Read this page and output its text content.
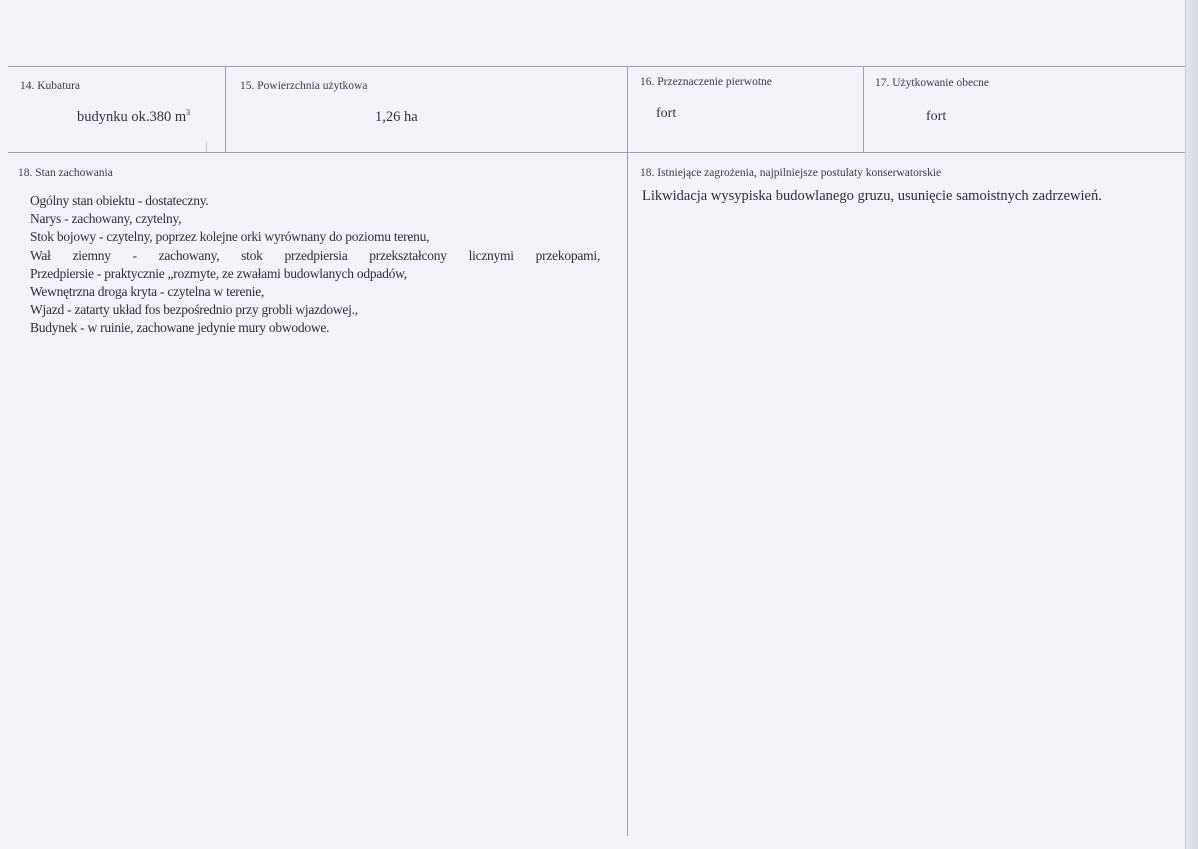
14. Kubatura
budynku ok.380 $m^3$
15. Powierzchnia użytkowa
1,26 ha
16. Przeznaczenie pierwotne
fort
17. Użytkowanie obecne
fort
18. Stan zachowania
Ogólny stan obiektu - dostateczny.
Narys - zachowany, czytelny,
Stok bojowy - czytelny, poprzez kolejne orki wyrównany do poziomu terenu,
Wał ziemny - zachowany, stok przedpiersia przekształcony licznymi przekopami,
Przedpiersie - praktycznie „rozmyte, ze zwałami budowlanych odpadów,
Wewnętrzna droga kryta - czytelna w terenie,
Wjazd - zatarty układ fos bezpośrednio przy grobli wjazdowej.,
Budynek - w ruinie, zachowane jedynie mury obwodowe.
18. Istniejące zagrożenia, najpilniejsze postulaty konserwatorskie
Likwidacja wysypiska budowlanego gruzu, usunięcie samoistnych zadrzewień.
